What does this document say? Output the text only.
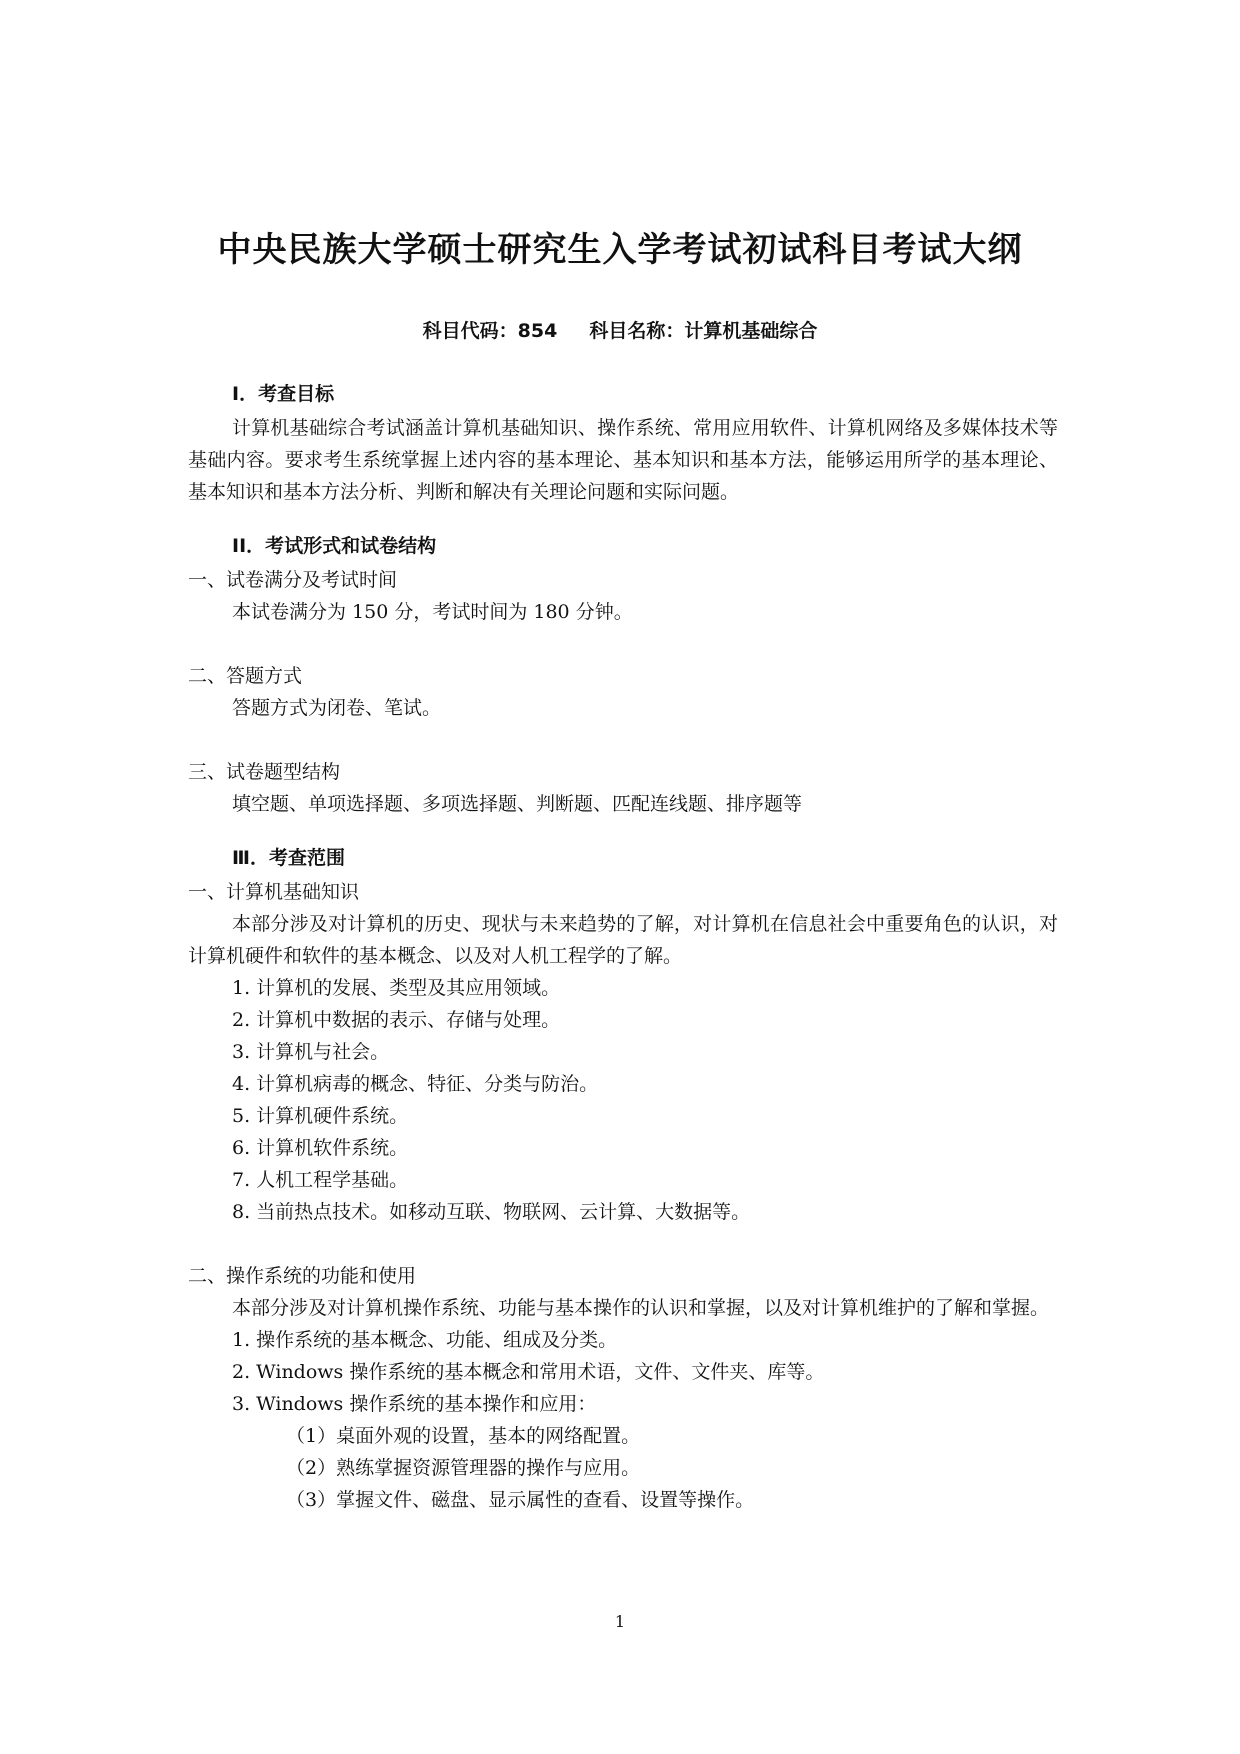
中央民族大学硕士研究生入学考试初试科目考试大纲
科目代码：854 科目名称：计算机基础综合

I．考查目标

计算机基础综合考试涵盖计算机基础知识、操作系统、常用应用软件、计算机网络及多媒体技术等基础内容。要求考生系统掌握上述内容的基本理论、基本知识和基本方法，能够运用所学的基本理论、基本知识和基本方法分析、判断和解决有关理论问题和实际问题。

II．考试形式和试卷结构

一、试卷满分及考试时间

本试卷满分为 150 分，考试时间为 180 分钟。

二、答题方式

答题方式为闭卷、笔试。

三、试卷题型结构

填空题、单项选择题、多项选择题、判断题、匹配连线题、排序题等

Ⅲ．考查范围

一、计算机基础知识

本部分涉及对计算机的历史、现状与未来趋势的了解，对计算机在信息社会中重要角色的认识，对计算机硬件和软件的基本概念、以及对人机工程学的了解。

1. 计算机的发展、类型及其应用领域。

2. 计算机中数据的表示、存储与处理。

3. 计算机与社会。

4. 计算机病毒的概念、特征、分类与防治。

5. 计算机硬件系统。

6. 计算机软件系统。

7. 人机工程学基础。

8. 当前热点技术。如移动互联、物联网、云计算、大数据等。

二、操作系统的功能和使用

本部分涉及对计算机操作系统、功能与基本操作的认识和掌握，以及对计算机维护的了解和掌握。

1. 操作系统的基本概念、功能、组成及分类。

2. Windows 操作系统的基本概念和常用术语，文件、文件夹、库等。

3. Windows 操作系统的基本操作和应用：

（1）桌面外观的设置，基本的网络配置。

（2）熟练掌握资源管理器的操作与应用。

（3）掌握文件、磁盘、显示属性的查看、设置等操作。

1
